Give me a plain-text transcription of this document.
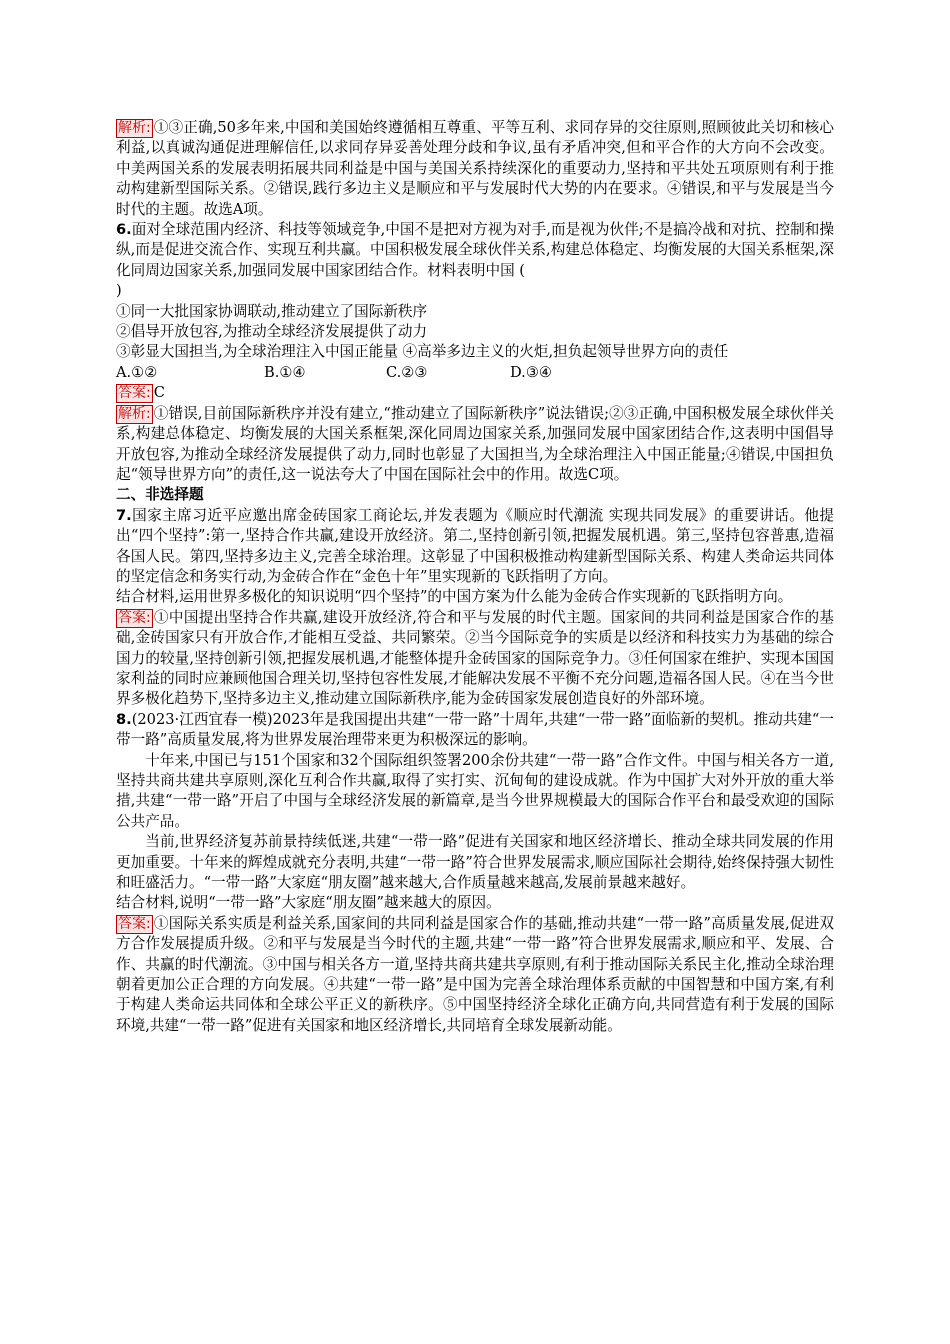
解析: ①③正确,50多年来,中国和美国始终遵循相互尊重、平等互利、求同存异的交往原则,照顾彼此关切和核心利益,以真诚沟通促进理解信任,以求同存异妥善处理分歧和争议,虽有矛盾冲突,但和平合作的大方向不会改变。中美两国关系的发展表明拓展共同利益是中国与美国关系持续深化的重要动力,坚持和平共处五项原则有利于推动构建新型国际关系。②错误,践行多边主义是顺应和平与发展时代大势的内在要求。④错误,和平与发展是当今时代的主题。故选A项。

6.面对全球范围内经济、科技等领域竞争,中国不是把对方视为对手,而是视为伙伴;不是搞冷战和对抗、控制和操纵,而是促进交流合作、实现互利共赢。中国积极发展全球伙伴关系,构建总体稳定、均衡发展的大国关系框架,深化同周边国家关系,加强同发展中国家团结合作。材料表明中国 (

)

①同一大批国家协调联动,推动建立了国际新秩序

②倡导开放包容,为推动全球经济发展提供了动力

③彰显大国担当,为全球治理注入中国正能量 ④高举多边主义的火炬,担负起领导世界方向的责任

A.①②	B.①④	C.②③	D.③④

答案: C

解析: ①错误,目前国际新秩序并没有建立,“推动建立了国际新秩序”说法错误;②③正确,中国积极发展全球伙伴关系,构建总体稳定、均衡发展的大国关系框架,深化同周边国家关系,加强同发展中国家团结合作,这表明中国倡导开放包容,为推动全球经济发展提供了动力,同时也彰显了大国担当,为全球治理注入中国正能量;④错误,中国担负起“领导世界方向”的责任,这一说法夸大了中国在国际社会中的作用。故选C项。

二、非选择题

7.国家主席习近平应邀出席金砖国家工商论坛,并发表题为《顺应时代潮流 实现共同发展》的重要讲话。他提出“四个坚持”:第一,坚持合作共赢,建设开放经济。第二,坚持创新引领,把握发展机遇。第三,坚持包容普惠,造福各国人民。第四,坚持多边主义,完善全球治理。这彰显了中国积极推动构建新型国际关系、构建人类命运共同体的坚定信念和务实行动,为金砖合作在“金色十年”里实现新的飞跃指明了方向。

结合材料,运用世界多极化的知识说明“四个坚持”的中国方案为什么能为金砖合作实现新的飞跃指明方向。

答案: ①中国提出坚持合作共赢,建设开放经济,符合和平与发展的时代主题。国家间的共同利益是国家合作的基础,金砖国家只有开放合作,才能相互受益、共同繁荣。②当今国际竞争的实质是以经济和科技实力为基础的综合国力的较量,坚持创新引领,把握发展机遇,才能整体提升金砖国家的国际竞争力。③任何国家在维护、实现本国国家利益的同时应兼顾他国合理关切,坚持包容性发展,才能解决发展不平衡不充分问题,造福各国人民。④在当今世界多极化趋势下,坚持多边主义,推动建立国际新秩序,能为金砖国家发展创造良好的外部环境。

8.(2023·江西宜春一模)2023年是我国提出共建“一带一路”十周年,共建“一带一路”面临新的契机。推动共建“一带一路”高质量发展,将为世界发展治理带来更为积极深远的影响。

十年来,中国已与151个国家和32个国际组织签署200余份共建“一带一路”合作文件。中国与相关各方一道,坚持共商共建共享原则,深化互利合作共赢,取得了实打实、沉甸甸的建设成就。作为中国扩大对外开放的重大举措,共建“一带一路”开启了中国与全球经济发展的新篇章,是当今世界规模最大的国际合作平台和最受欢迎的国际公共产品。

当前,世界经济复苏前景持续低迷,共建“一带一路”促进有关国家和地区经济增长、推动全球共同发展的作用更加重要。十年来的辉煌成就充分表明,共建“一带一路”符合世界发展需求,顺应国际社会期待,始终保持强大韧性和旺盛活力。“一带一路”大家庭“朋友圈”越来越大,合作质量越来越高,发展前景越来越好。

结合材料,说明“一带一路”大家庭“朋友圈”越来越大的原因。

答案: ①国际关系实质是利益关系,国家间的共同利益是国家合作的基础,推动共建“一带一路”高质量发展,促进双方合作发展提质升级。②和平与发展是当今时代的主题,共建“一带一路”符合世界发展需求,顺应和平、发展、合作、共赢的时代潮流。③中国与相关各方一道,坚持共商共建共享原则,有利于推动国际关系民主化,推动全球治理朝着更加公正合理的方向发展。④共建“一带一路”是中国为完善全球治理体系贡献的中国智慧和中国方案,有利于构建人类命运共同体和全球公平正义的新秩序。⑤中国坚持经济全球化正确方向,共同营造有利于发展的国际环境,共建“一带一路”促进有关国家和地区经济增长,共同培育全球发展新动能。
